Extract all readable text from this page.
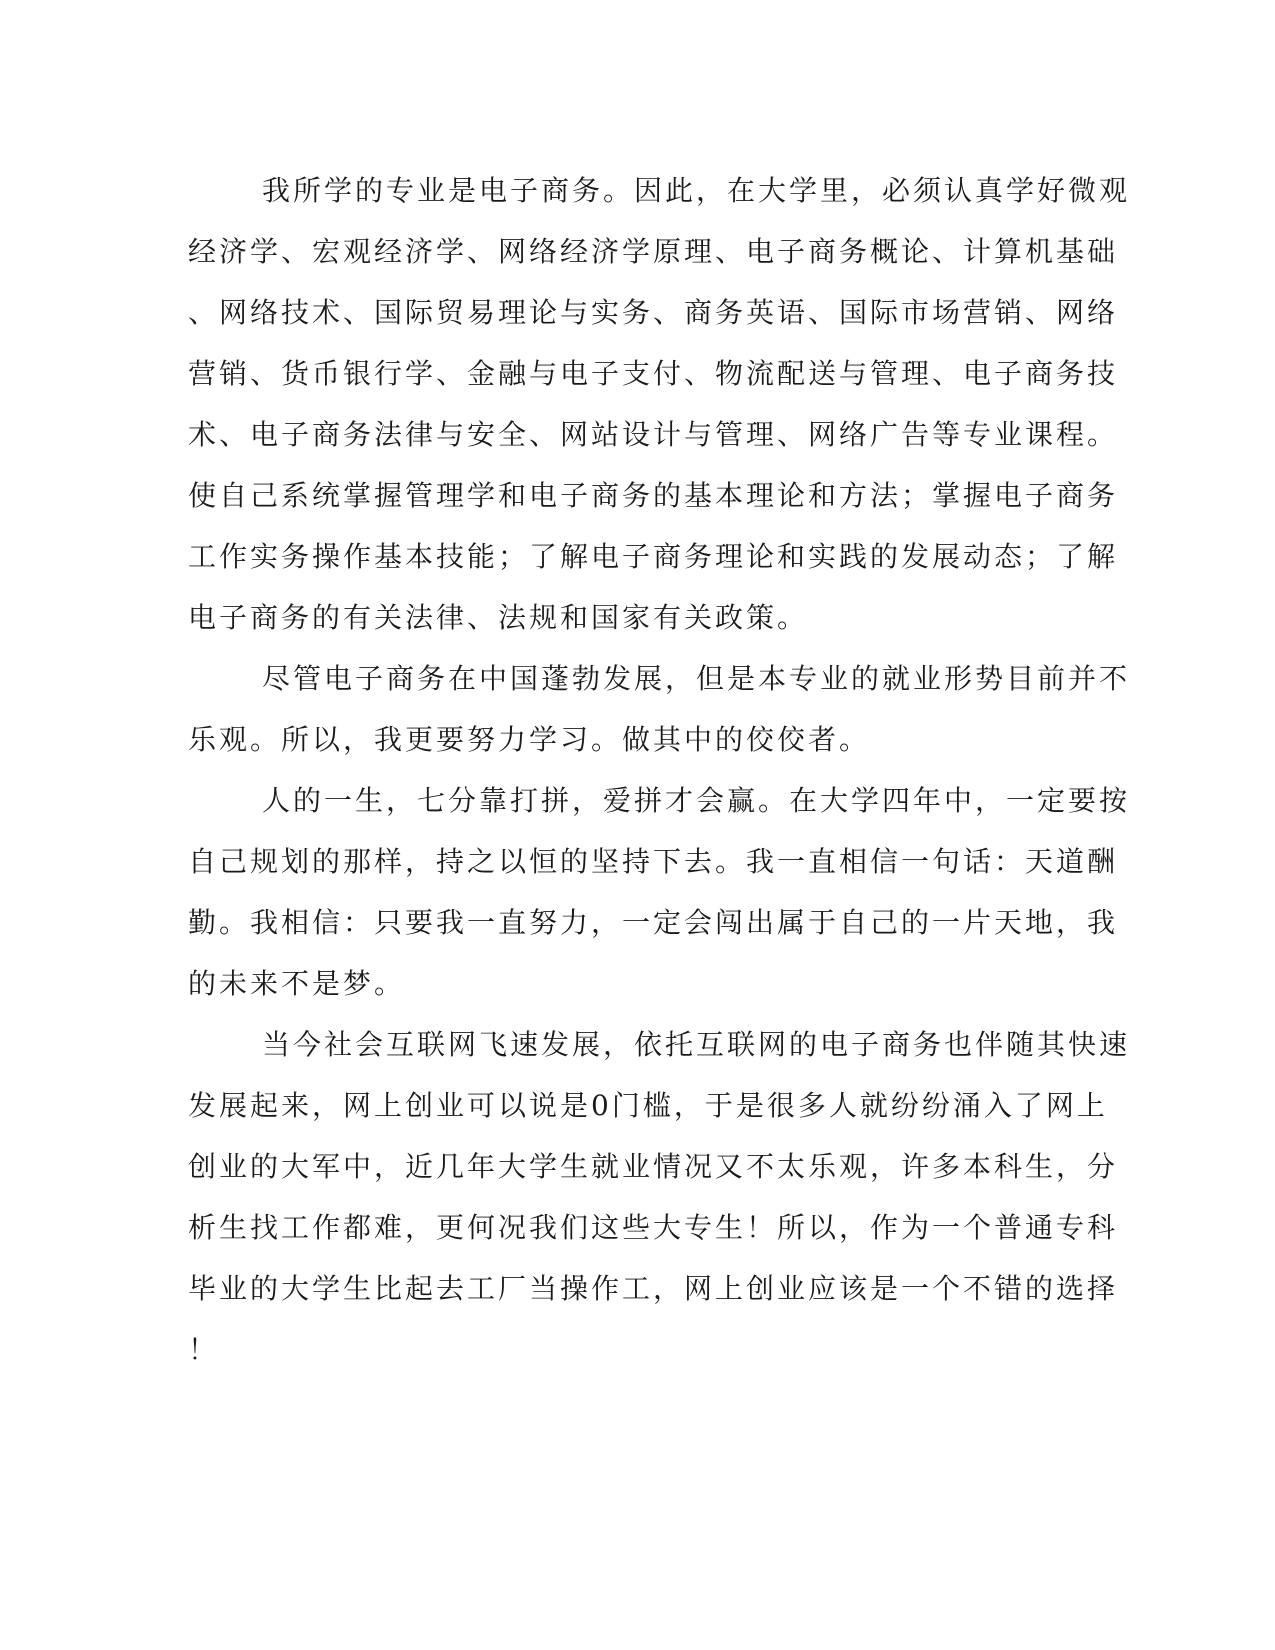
我所学的专业是电子商务。因此，在大学里，必须认真学好微观
经济学、宏观经济学、网络经济学原理、电子商务概论、计算机基础
、网络技术、国际贸易理论与实务、商务英语、国际市场营销、网络
营销、货币银行学、金融与电子支付、物流配送与管理、电子商务技
术、电子商务法律与安全、网站设计与管理、网络广告等专业课程。
使自己系统掌握管理学和电子商务的基本理论和方法；掌握电子商务
工作实务操作基本技能；了解电子商务理论和实践的发展动态；了解
电子商务的有关法律、法规和国家有关政策。
尽管电子商务在中国蓬勃发展，但是本专业的就业形势目前并不
乐观。所以，我更要努力学习。做其中的佼佼者。
人的一生，七分靠打拼，爱拼才会赢。在大学四年中，一定要按
自己规划的那样，持之以恒的坚持下去。我一直相信一句话：天道酬
勤。我相信：只要我一直努力，一定会闯出属于自己的一片天地，我
的未来不是梦。
当今社会互联网飞速发展，依托互联网的电子商务也伴随其快速
发展起来，网上创业可以说是0门槛，于是很多人就纷纷涌入了网上
创业的大军中，近几年大学生就业情况又不太乐观，许多本科生，分
析生找工作都难，更何况我们这些大专生！所以，作为一个普通专科
毕业的大学生比起去工厂当操作工，网上创业应该是一个不错的选择
！
